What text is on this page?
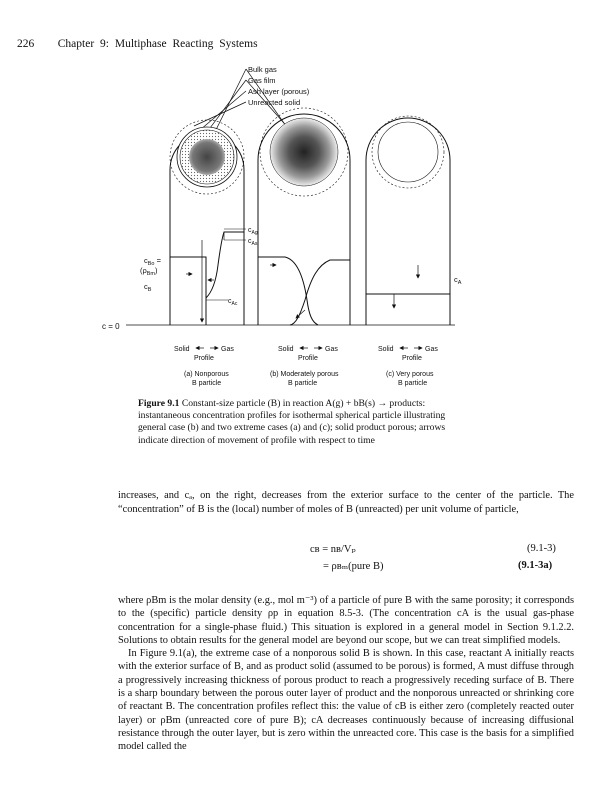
226 Chapter 9: Multiphase Reacting Systems
Bulk gas
Gas film
Ash layer (porous)
Unreacted solid
c = 0
$c_{Bo}$ =
$(\rho_{Bm})$
$c_B$
$c_{Ag}$
$c_{As}$
$c_{Ac}$
$c_A$
Solid	Gas
Profile
(a) Nonporous
B particle
Solid	Gas
Profile
(b) Moderately porous
B particle
Solid	Gas
Profile
(c) Very porous
B particle
Figure 9.1 Constant-size particle (B) in reaction A(g) + bB(s) → products: instantaneous concentration profiles for isothermal spherical particle illustrating general case (b) and two extreme cases (a) and (c); solid product porous; arrows indicate direction of movement of profile with respect to time
increases, and cₐ, on the right, decreases from the exterior surface to the center of the particle. The “concentration” of B is the (local) number of moles of B (unreacted) per unit volume of particle,
cʙ = nʙ/Vₚ	(9.1-3)
= ρʙₘ(pure B)	(9.1-3a)

where ρBm is the molar density (e.g., mol m⁻³) of a particle of pure B with the same porosity; it corresponds to the (specific) particle density ρp in equation 8.5-3. (The concentration cA is the usual gas-phase concentration for a single-phase fluid.) This situation is explored in a general model in Section 9.1.2.2. Solutions to obtain results for the general model are beyond our scope, but we can treat simplified models.

In Figure 9.1(a), the extreme case of a nonporous solid B is shown. In this case, reactant A initially reacts with the exterior surface of B, and as product solid (assumed to be porous) is formed, A must diffuse through a progressively increasing thickness of porous product to reach a progressively receding surface of B. There is a sharp boundary between the porous outer layer of product and the nonporous unreacted or shrinking core of reactant B. The concentration profiles reflect this: the value of cB is either zero (completely reacted outer layer) or ρBm (unreacted core of pure B); cA decreases continuously because of increasing diffusional resistance through the outer layer, but is zero within the unreacted core. This case is the basis for a simplified model called the
